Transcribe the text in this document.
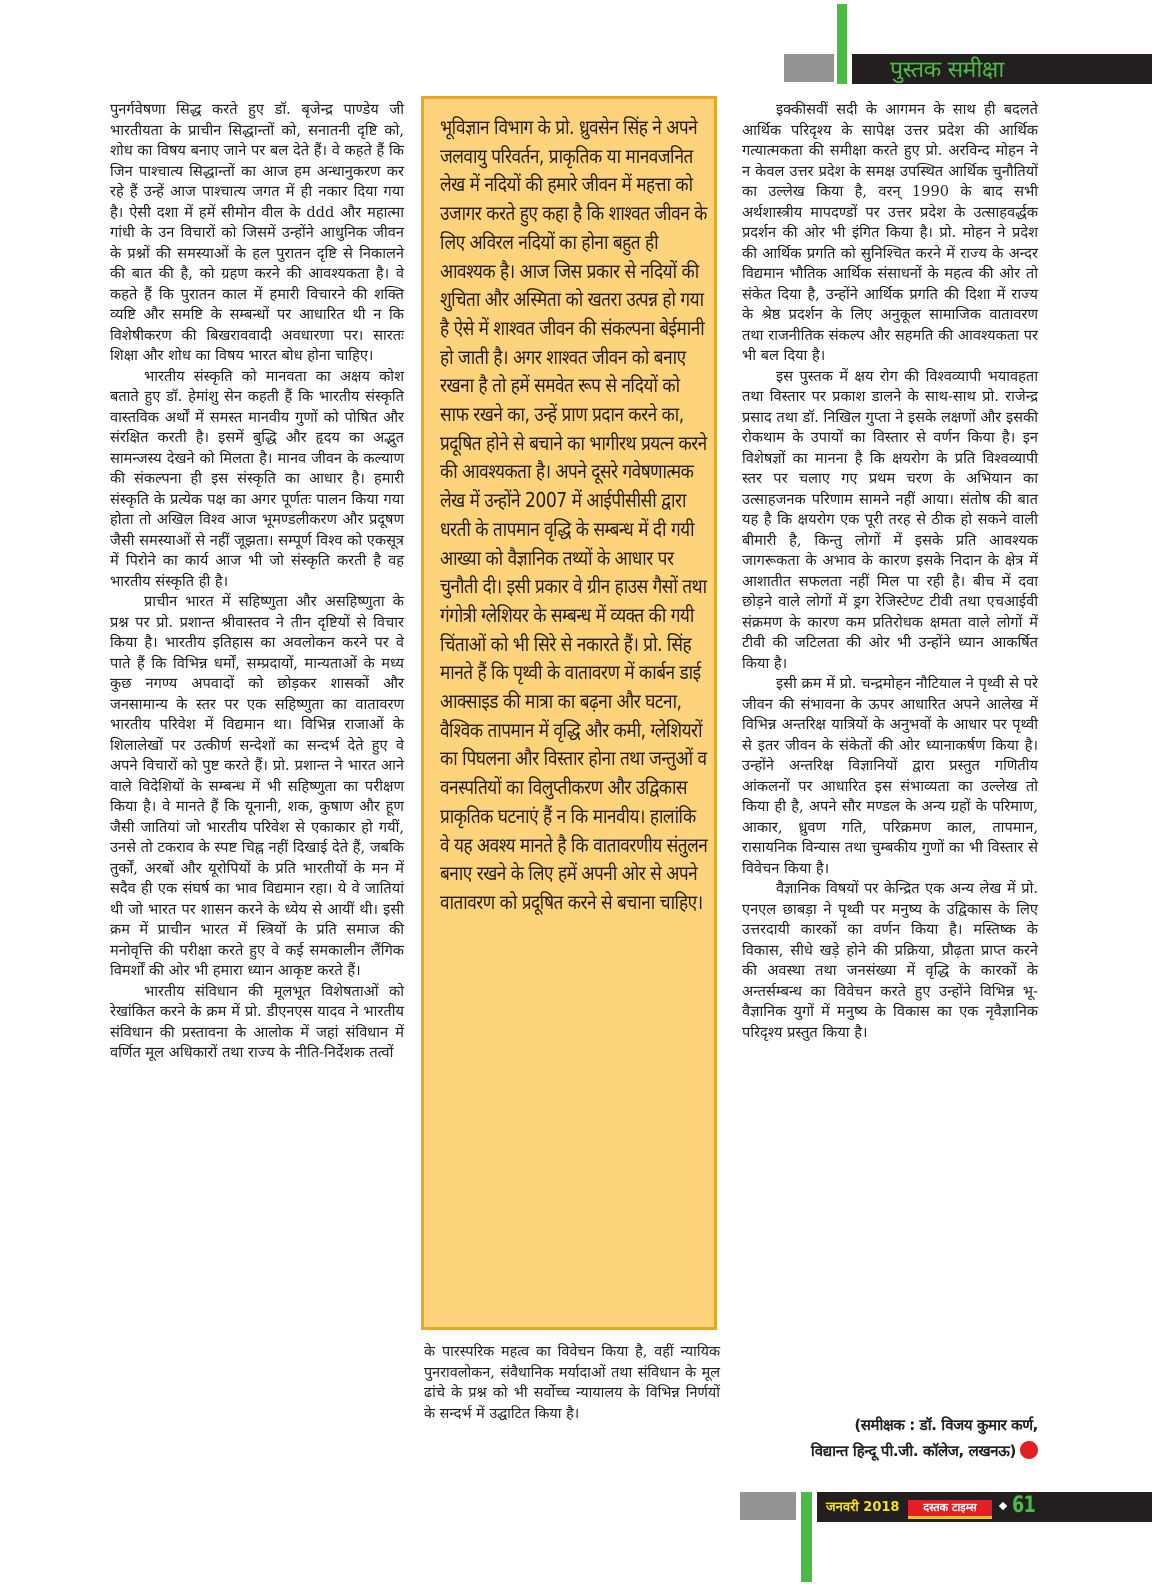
पुस्तक समीक्षा

पुनर्गवेषणा सिद्ध करते हुए डॉ. बृजेन्द्र पाण्डेय जी भारतीयता के प्राचीन सिद्धान्तों को, सनातनी दृष्टि को, शोध का विषय बनाए जाने पर बल देते हैं। वे कहते हैं कि जिन पाश्चात्य सिद्धान्तों का आज हम अन्धानुकरण कर रहे हैं उन्हें आज पाश्चात्य जगत में ही नकार दिया गया है। ऐसी दशा में हमें सीमोन वील के ddd और महात्मा गांधी के उन विचारों को जिसमें उन्होंने आधुनिक जीवन के प्रश्नों की समस्याओं के हल पुरातन दृष्टि से निकालने की बात की है, को ग्रहण करने की आवश्यकता है। वे कहते हैं कि पुरातन काल में हमारी विचारने की शक्ति व्यष्टि और समष्टि के सम्बन्धों पर आधारित थी न कि विशेषीकरण की बिखराववादी अवधारणा पर। सारतः शिक्षा और शोध का विषय भारत बोध होना चाहिए।

भारतीय संस्कृति को मानवता का अक्षय कोश बताते हुए डॉ. हेमांशु सेन कहती हैं कि भारतीय संस्कृति वास्तविक अर्थों में समस्त मानवीय गुणों को पोषित और संरक्षित करती है। इसमें बुद्धि और हृदय का अद्भुत सामन्जस्य देखने को मिलता है। मानव जीवन के कल्याण की संकल्पना ही इस संस्कृति का आधार है। हमारी संस्कृति के प्रत्येक पक्ष का अगर पूर्णतः पालन किया गया होता तो अखिल विश्व आज भूमण्डलीकरण और प्रदूषण जैसी समस्याओं से नहीं जूझता। सम्पूर्ण विश्व को एकसूत्र में पिरोने का कार्य आज भी जो संस्कृति करती है वह भारतीय संस्कृति ही है।

प्राचीन भारत में सहिष्णुता और असहिष्णुता के प्रश्न पर प्रो. प्रशान्त श्रीवास्तव ने तीन दृष्टियों से विचार किया है। भारतीय इतिहास का अवलोकन करने पर वे पाते हैं कि विभिन्न धर्मों, सम्प्रदायों, मान्यताओं के मध्य कुछ नगण्य अपवादों को छोड़कर शासकों और जनसामान्य के स्तर पर एक सहिष्णुता का वातावरण भारतीय परिवेश में विद्यमान था। विभिन्न राजाओं के शिलालेखों पर उत्कीर्ण सन्देशों का सन्दर्भ देते हुए वे अपने विचारों को पुष्ट करते हैं। प्रो. प्रशान्त ने भारत आने वाले विदेशियों के सम्बन्ध में भी सहिष्णुता का परीक्षण किया है। वे मानते हैं कि यूनानी, शक, कुषाण और हूण जैसी जातियां जो भारतीय परिवेश से एकाकार हो गयीं, उनसे तो टकराव के स्पष्ट चिह्न नहीं दिखाई देते हैं, जबकि तुर्कों, अरबों और यूरोपियों के प्रति भारतीयों के मन में सदैव ही एक संघर्ष का भाव विद्यमान रहा। ये वे जातियां थी जो भारत पर शासन करने के ध्येय से आयीं थी। इसी क्रम में प्राचीन भारत में स्त्रियों के प्रति समाज की मनोवृत्ति की परीक्षा करते हुए वे कई समकालीन लैंगिक विमर्शों की ओर भी हमारा ध्यान आकृष्ट करते हैं।

भारतीय संविधान की मूलभूत विशेषताओं को रेखांकित करने के क्रम में प्रो. डीएनएस यादव ने भारतीय संविधान की प्रस्तावना के आलोक में जहां संविधान में वर्णित मूल अधिकारों तथा राज्य के नीति-निर्देशक तत्वों

भूविज्ञान विभाग के प्रो. ध्रुवसेन सिंह ने अपने जलवायु परिवर्तन, प्राकृतिक या मानवजनित लेख में नदियों की हमारे जीवन में महत्ता को उजागर करते हुए कहा है कि शाश्वत जीवन के लिए अविरल नदियों का होना बहुत ही आवश्यक है। आज जिस प्रकार से नदियों की शुचिता और अस्मिता को खतरा उत्पन्न हो गया है ऐसे में शाश्वत जीवन की संकल्पना बेईमानी हो जाती है। अगर शाश्वत जीवन को बनाए रखना है तो हमें समवेत रूप से नदियों को साफ रखने का, उन्हें प्राण प्रदान करने का, प्रदूषित होने से बचाने का भागीरथ प्रयत्न करने की आवश्यकता है। अपने दूसरे गवेषणात्मक लेख में उन्होंने 2007 में आईपीसीसी द्वारा धरती के तापमान वृद्धि के सम्बन्ध में दी गयी आख्या को वैज्ञानिक तथ्यों के आधार पर चुनौती दी। इसी प्रकार वे ग्रीन हाउस गैसों तथा गंगोत्री ग्लेशियर के सम्बन्ध में व्यक्त की गयी चिंताओं को भी सिरे से नकारते हैं। प्रो. सिंह मानते हैं कि पृथ्वी के वातावरण में कार्बन डाई आक्साइड की मात्रा का बढ़ना और घटना, वैश्विक तापमान में वृद्धि और कमी, ग्लेशियरों का पिघलना और विस्तार होना तथा जन्तुओं व वनस्पतियों का विलुप्तीकरण और उद्विकास प्राकृतिक घटनाएं हैं न कि मानवीय। हालांकि वे यह अवश्य मानते है कि वातावरणीय संतुलन बनाए रखने के लिए हमें अपनी ओर से अपने वातावरण को प्रदूषित करने से बचाना चाहिए।

के पारस्परिक महत्व का विवेचन किया है, वहीं न्यायिक पुनरावलोकन, संवैधानिक मर्यादाओं तथा संविधान के मूल ढांचे के प्रश्न को भी सर्वोच्च न्यायालय के विभिन्न निर्णयों के सन्दर्भ में उद्घाटित किया है।

इक्कीसवीं सदी के आगमन के साथ ही बदलते आर्थिक परिदृश्य के सापेक्ष उत्तर प्रदेश की आर्थिक गत्यात्मकता की समीक्षा करते हुए प्रो. अरविन्द मोहन ने न केवल उत्तर प्रदेश के समक्ष उपस्थित आर्थिक चुनौतियों का उल्लेख किया है, वरन् 1990 के बाद सभी अर्थशास्त्रीय मापदण्डों पर उत्तर प्रदेश के उत्साहवर्द्धक प्रदर्शन की ओर भी इंगित किया है। प्रो. मोहन ने प्रदेश की आर्थिक प्रगति को सुनिश्चित करने में राज्य के अन्दर विद्यमान भौतिक आर्थिक संसाधनों के महत्व की ओर तो संकेत दिया है, उन्होंने आर्थिक प्रगति की दिशा में राज्य के श्रेष्ठ प्रदर्शन के लिए अनुकूल सामाजिक वातावरण तथा राजनीतिक संकल्प और सहमति की आवश्यकता पर भी बल दिया है।

इस पुस्तक में क्षय रोग की विश्वव्यापी भयावहता तथा विस्तार पर प्रकाश डालने के साथ-साथ प्रो. राजेन्द्र प्रसाद तथा डॉ. निखिल गुप्ता ने इसके लक्षणों और इसकी रोकथाम के उपायों का विस्तार से वर्णन किया है। इन विशेषज्ञों का मानना है कि क्षयरोग के प्रति विश्वव्यापी स्तर पर चलाए गए प्रथम चरण के अभियान का उत्साहजनक परिणाम सामने नहीं आया। संतोष की बात यह है कि क्षयरोग एक पूरी तरह से ठीक हो सकने वाली बीमारी है, किन्तु लोगों में इसके प्रति आवश्यक जागरूकता के अभाव के कारण इसके निदान के क्षेत्र में आशातीत सफलता नहीं मिल पा रही है। बीच में दवा छोड़ने वाले लोगों में ड्रग रेजिस्टेण्ट टीवी तथा एचआईवी संक्रमण के कारण कम प्रतिरोधक क्षमता वाले लोगों में टीवी की जटिलता की ओर भी उन्होंने ध्यान आकर्षित किया है।

इसी क्रम में प्रो. चन्द्रमोहन नौटियाल ने पृथ्वी से परे जीवन की संभावना के ऊपर आधारित अपने आलेख में विभिन्न अन्तरिक्ष यात्रियों के अनुभवों के आधार पर पृथ्वी से इतर जीवन के संकेतों की ओर ध्यानाकर्षण किया है। उन्होंने अन्तरिक्ष विज्ञानियों द्वारा प्रस्तुत गणितीय आंकलनों पर आधारित इस संभाव्यता का उल्लेख तो किया ही है, अपने सौर मण्डल के अन्य ग्रहों के परिमाण, आकार, ध्रुवण गति, परिक्रमण काल, तापमान, रासायनिक विन्यास तथा चुम्बकीय गुणों का भी विस्तार से विवेचन किया है।

वैज्ञानिक विषयों पर केन्द्रित एक अन्य लेख में प्रो. एनएल छाबड़ा ने पृथ्वी पर मनुष्य के उद्विकास के लिए उत्तरदायी कारकों का वर्णन किया है। मस्तिष्क के विकास, सीधे खड़े होने की प्रक्रिया, प्रौढ़ता प्राप्त करने की अवस्था तथा जनसंख्या में वृद्धि के कारकों के अन्तर्सम्बन्ध का विवेचन करते हुए उन्होंने विभिन्न भू-वैज्ञानिक युगों में मनुष्य के विकास का एक नृवैज्ञानिक परिदृश्य प्रस्तुत किया है।

(समीक्षक : डॉ. विजय कुमार कर्ण,
विद्यान्त हिन्दू पी.जी. कॉलेज, लखनऊ)
जनवरी 2018	दस्तक टाइम्स	61
